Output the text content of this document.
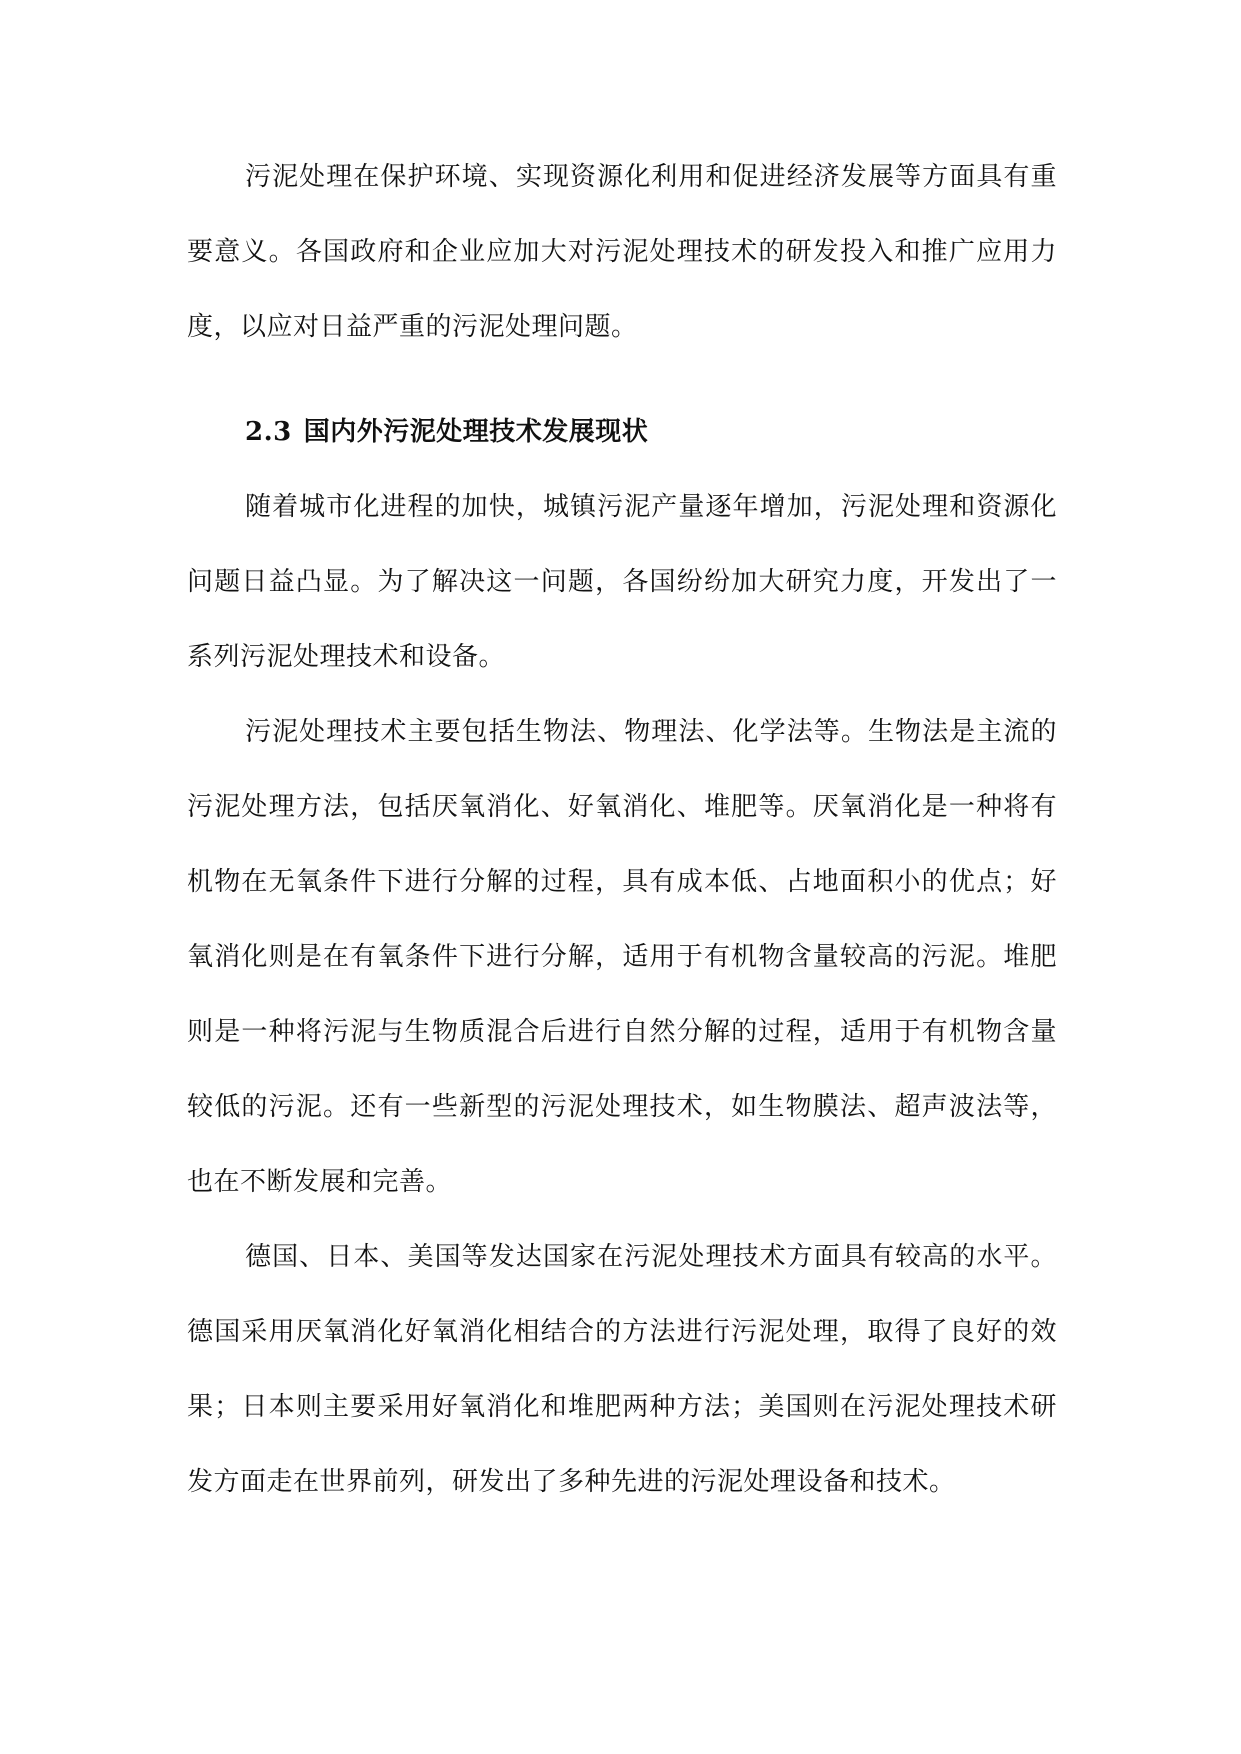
污泥处理在保护环境、实现资源化利用和促进经济发展等方面具有重要意义。各国政府和企业应加大对污泥处理技术的研发投入和推广应用力度，以应对日益严重的污泥处理问题。

2.3 国内外污泥处理技术发展现状

随着城市化进程的加快，城镇污泥产量逐年增加，污泥处理和资源化问题日益凸显。为了解决这一问题，各国纷纷加大研究力度，开发出了一系列污泥处理技术和设备。

污泥处理技术主要包括生物法、物理法、化学法等。生物法是主流的污泥处理方法，包括厌氧消化、好氧消化、堆肥等。厌氧消化是一种将有机物在无氧条件下进行分解的过程，具有成本低、占地面积小的优点；好氧消化则是在有氧条件下进行分解，适用于有机物含量较高的污泥。堆肥则是一种将污泥与生物质混合后进行自然分解的过程，适用于有机物含量较低的污泥。还有一些新型的污泥处理技术，如生物膜法、超声波法等，也在不断发展和完善。

德国、日本、美国等发达国家在污泥处理技术方面具有较高的水平。德国采用厌氧消化好氧消化相结合的方法进行污泥处理，取得了良好的效果；日本则主要采用好氧消化和堆肥两种方法；美国则在污泥处理技术研发方面走在世界前列，研发出了多种先进的污泥处理设备和技术。
